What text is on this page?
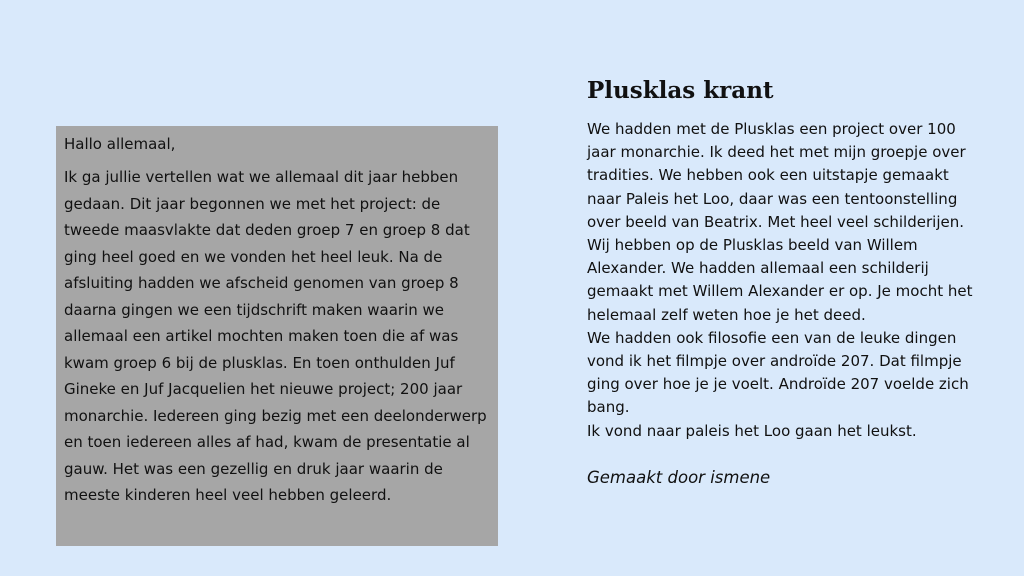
Hallo allemaal,

Ik ga jullie vertellen wat we allemaal dit jaar hebben gedaan. Dit jaar begonnen we met het project: de tweede maasvlakte dat deden groep 7 en groep 8 dat ging heel goed en we vonden het heel leuk. Na de afsluiting hadden we afscheid genomen van groep 8 daarna gingen we een tijdschrift maken waarin we allemaal een artikel mochten maken toen die af was kwam groep 6 bij de plusklas. En toen onthulden Juf Gineke en Juf Jacquelien het nieuwe project; 200 jaar monarchie. Iedereen ging bezig met een deelonderwerp en toen iedereen alles af had, kwam de presentatie al gauw. Het was een gezellig en druk jaar waarin de meeste kinderen heel veel hebben geleerd.

Plusklas krant

We hadden met de Plusklas een project over 100 jaar monarchie. Ik deed het met mijn groepje over tradities. We hebben ook een uitstapje gemaakt naar Paleis het Loo, daar was een tentoonstelling over beeld van Beatrix. Met heel veel schilderijen. Wij hebben op de Plusklas beeld van Willem Alexander. We hadden allemaal een schilderij gemaakt met Willem Alexander er op. Je mocht het helemaal zelf weten hoe je het deed.

We hadden ook filosofie een van de leuke dingen vond ik het filmpje over androïde 207. Dat filmpje ging over hoe je je voelt. Androïde 207 voelde zich
bang.

Ik vond naar paleis het Loo gaan het leukst.

Gemaakt door ismene
